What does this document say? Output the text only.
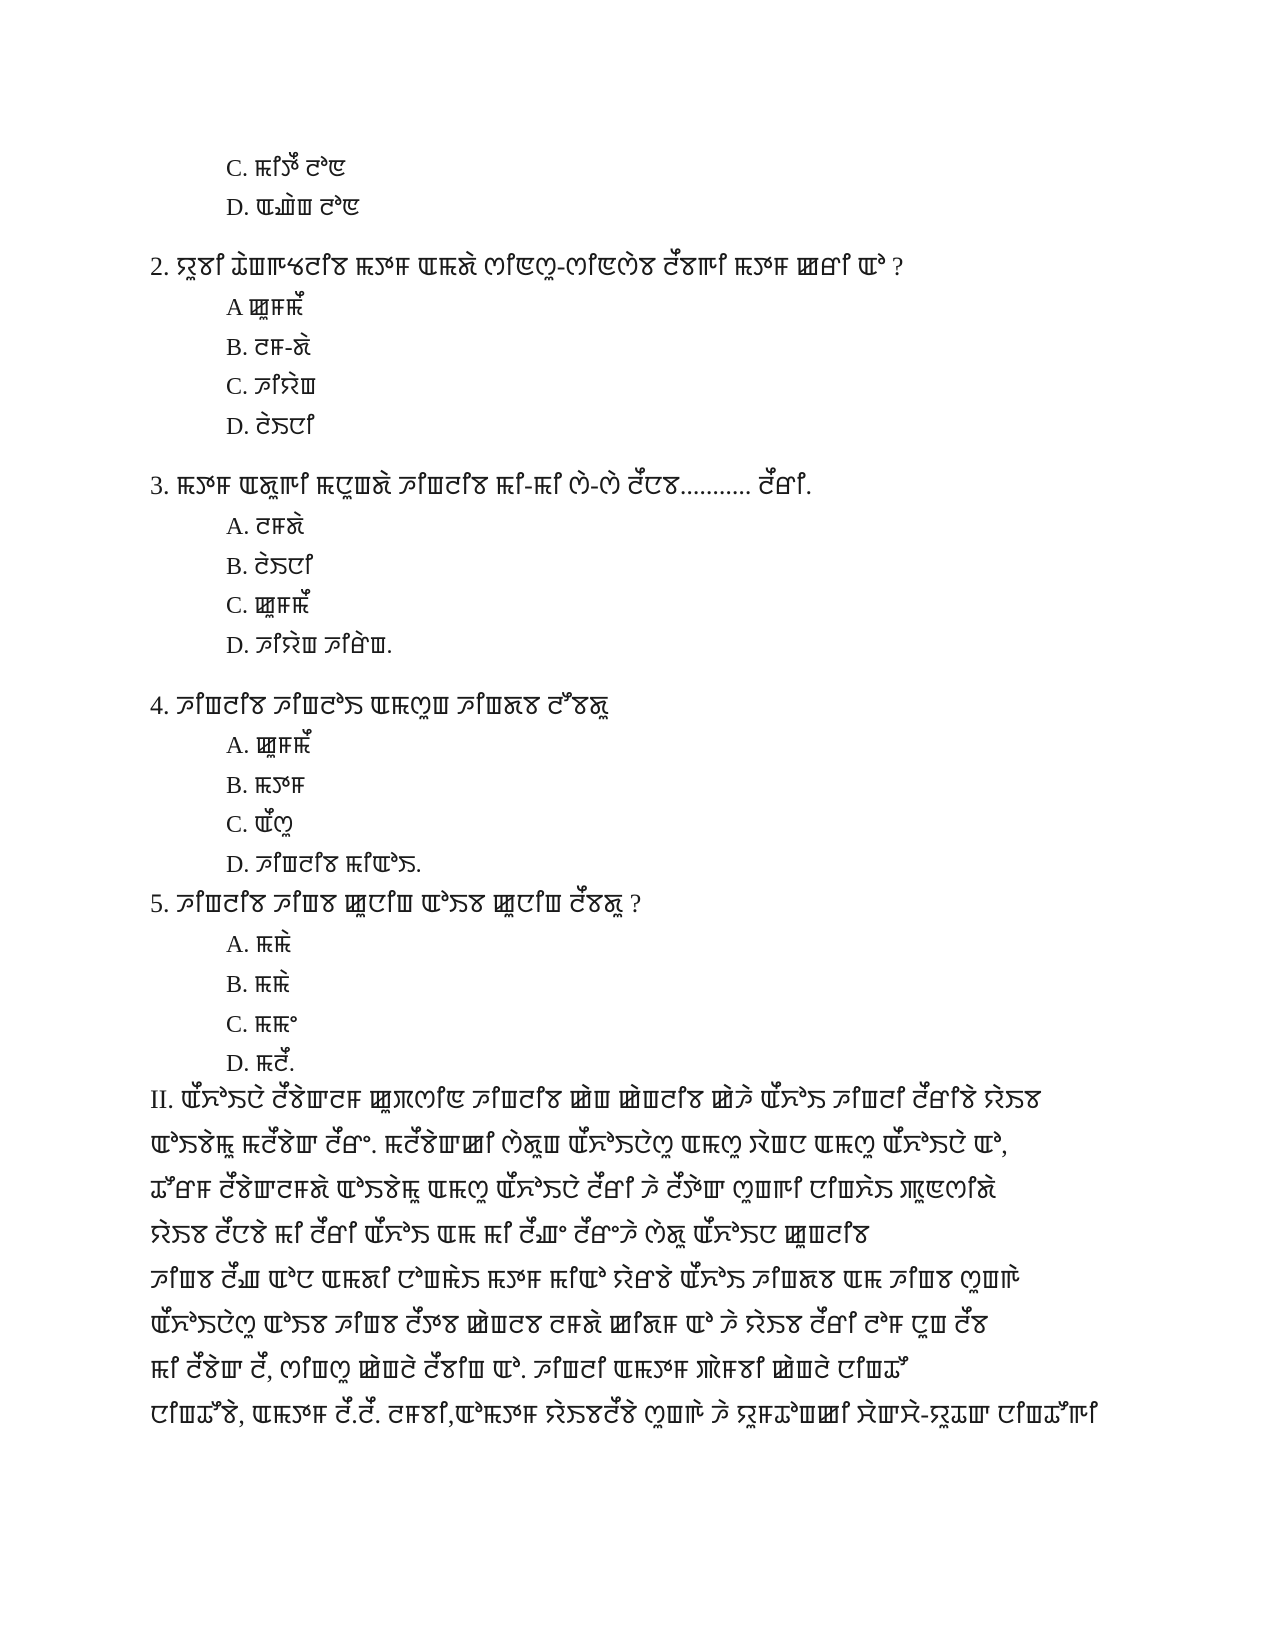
C. ꯃꯤꯇꯩ ꯂꯣꯟ
D. ꯑꯉꯥꯡ ꯂꯣꯟ
2. ꯌꯨꯕꯤ ꯊꯥꯡꯒꯠꯂꯤꯕ ꯃꯇꯝ ꯑꯃꯗꯥ ꯁꯤꯟꯁꯨ-ꯁꯤꯟꯁꯥꯕ ꯂꯩꯕꯒꯤ ꯃꯇꯝ ꯀꯔꯤ ꯑꯣ ?
A ꯀꯨꯝꯃꯩ
B. ꯂꯝ-ꯗꯥ
C. ꯍꯤꯌꯥꯡ
D. ꯂꯥꯏꯅꯤ
3. ꯃꯇꯝ ꯑꯗꯨꯒꯤ ꯃꯅꯨꯡꯗꯥ ꯍꯤꯡꯂꯤꯕ ꯃꯤ-ꯃꯤ ꯁꯥ-ꯁꯥ ꯂꯩꯅꯕ........... ꯂꯩꯔꯤ.
A. ꯂꯝꯗꯥ
B. ꯂꯥꯏꯅꯤ
C. ꯀꯨꯝꯃꯩ
D. ꯍꯤꯌꯥꯡ ꯍꯤꯔꯥꯡ.
4. ꯍꯤꯡꯂꯤꯕ ꯍꯤꯡꯂꯣꯏ ꯑꯃꯁꯨꯡ ꯍꯤꯡꯗꯕ ꯂꯧꯕꯗꯨ
A. ꯀꯨꯝꯃꯩ
B. ꯃꯇꯝ
C. ꯑꯩꯁꯨ
D. ꯍꯤꯡꯂꯤꯕ ꯃꯤꯑꯣꯏ.
5. ꯍꯤꯡꯂꯤꯕ ꯍꯤꯡꯕ ꯀꯨꯅꯤꯡ ꯑꯣꯏꯕ ꯀꯨꯅꯤꯡ ꯂꯩꯕꯗꯨ ?
A. ꯃꯃꯥ
B. ꯃꯃꯥ
C. ꯃꯃꯦ
D. ꯃꯂꯩ.
II. ꯑꯩꯈꯣꯏꯅꯥ ꯂꯩꯕꯥꯛꯂꯝ ꯀꯨꯞꯁꯤꯟ ꯍꯤꯡꯂꯤꯕ ꯀꯥꯡ ꯀꯥꯡꯂꯤꯕ ꯀꯥꯍꯥ ꯑꯩꯈꯣꯏ ꯍꯤꯡꯂꯤ ꯂꯩꯔꯤꯕꯥ ꯌꯥꯏꯕ
ꯑꯣꯏꯕꯥꯃꯨ ꯃꯂꯩꯕꯥꯛ ꯂꯩꯔꯦ. ꯃꯂꯩꯕꯥꯛꯀꯤ ꯁꯥꯗꯨꯡ ꯑꯩꯈꯣꯏꯅꯥꯁꯨ ꯑꯃꯁꯨ ꯋꯥꯡꯅ ꯑꯃꯁꯨ ꯑꯩꯈꯣꯏꯅꯥ ꯑꯣ,
ꯊꯧꯔꯝ ꯂꯩꯕꯥꯛꯂꯝꯗꯥ ꯑꯣꯏꯕꯥꯃꯨ ꯑꯃꯁꯨ ꯑꯩꯈꯣꯏꯅꯥ ꯂꯩꯔꯤ ꯍꯥ ꯂꯩꯇꯥꯛ ꯁꯨꯡꯒꯤ ꯅꯤꯡꯈꯥꯏ ꯄꯨꯟꯁꯤꯗꯥ
ꯌꯥꯏꯕ ꯂꯩꯅꯕꯥ ꯃꯤ ꯂꯩꯔꯤ ꯑꯩꯈꯣꯏ ꯑꯃ ꯃꯤ ꯂꯩꯉꯦ ꯂꯩꯔꯦꯍꯥ ꯁꯥꯗꯨ ꯑꯩꯈꯣꯏꯅ ꯀꯨꯡꯂꯤꯕ
ꯍꯤꯡꯕ ꯂꯩꯉ ꯑꯣꯅ ꯑꯃꯗꯤ ꯅꯣꯡꯃꯥꯏ ꯃꯇꯝ ꯃꯤꯑꯣ ꯌꯥꯔꯕꯥ ꯑꯩꯈꯣꯏ ꯍꯤꯡꯗꯕ ꯑꯃ ꯍꯤꯡꯕ ꯁꯨꯡꯒꯥ
ꯑꯩꯈꯣꯏꯅꯥꯁꯨ ꯑꯣꯏꯕ ꯍꯤꯡꯕ ꯂꯩꯇꯕ ꯀꯥꯡꯂꯕ ꯂꯝꯗꯥ ꯀꯤꯗꯝ ꯑꯣ ꯍꯥ ꯌꯥꯏꯕ ꯂꯩꯔꯤ ꯂꯣꯝ ꯅꯨꯡ ꯂꯩꯕ
ꯃꯤ ꯂꯩꯕꯥꯛ ꯂꯩ, ꯁꯤꯡꯁꯨ ꯀꯥꯡꯂꯥ ꯂꯩꯕꯤꯡ ꯑꯣ. ꯍꯤꯡꯂꯤ ꯑꯃꯇꯝ ꯄꯥꯝꯕꯤ ꯀꯥꯡꯂꯥ ꯅꯤꯡꯊꯧ
ꯅꯤꯡꯊꯧꯕꯥ, ꯑꯃꯇꯝ ꯂꯩ.ꯂꯩ. ꯂꯝꯕꯤ,ꯑꯣꯃꯇꯝ ꯌꯥꯏꯕꯂꯩꯕꯥ ꯁꯨꯡꯒꯥ ꯍꯥ ꯌꯨꯝꯊꯣꯡꯀꯤ ꯆꯥꯛꯆꯥ-ꯌꯨꯊꯛ ꯅꯤꯡꯊꯧꯒꯤ
